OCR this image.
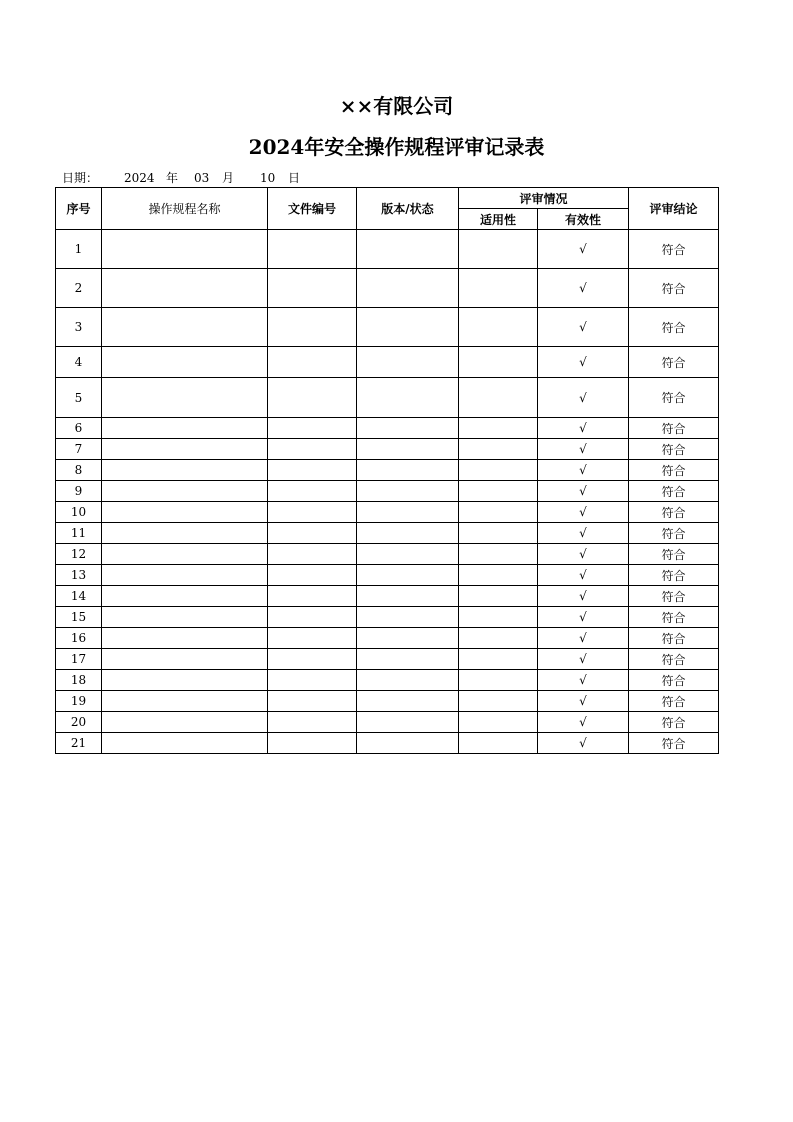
××有限公司
2024年安全操作规程评审记录表
日期： 2024 年 03 月 10 日
序号	操作规程名称	文件编号	版本/状态	评审情况		评审结论
				适用性	有效性	
1					√	符合
2					√	符合
3					√	符合
4					√	符合
5					√	符合
6					√	符合
7					√	符合
8					√	符合
9					√	符合
10					√	符合
11					√	符合
12					√	符合
13					√	符合
14					√	符合
15					√	符合
16					√	符合
17					√	符合
18					√	符合
19					√	符合
20					√	符合
21					√	符合
